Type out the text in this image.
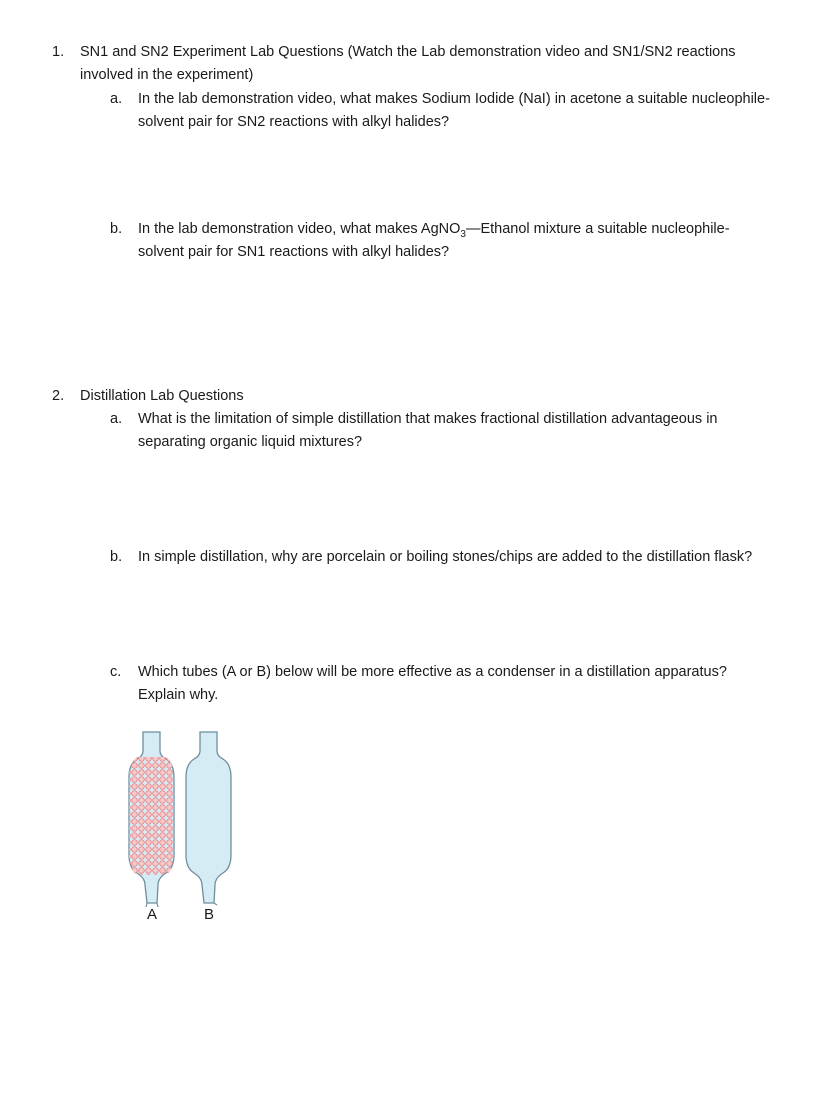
1. SN1 and SN2 Experiment Lab Questions (Watch the Lab demonstration video and SN1/SN2 reactions involved in the experiment)
a. In the lab demonstration video, what makes Sodium Iodide (NaI) in acetone a suitable nucleophile-solvent pair for SN2 reactions with alkyl halides?
b. In the lab demonstration video, what makes AgNO$_3$—Ethanol mixture a suitable nucleophile-solvent pair for SN1 reactions with alkyl halides?
2. Distillation Lab Questions
a. What is the limitation of simple distillation that makes fractional distillation advantageous in separating organic liquid mixtures?
b. In simple distillation, why are porcelain or boiling stones/chips are added to the distillation flask?
c. Which tubes (A or B) below will be more effective as a condenser in a distillation apparatus? Explain why.
A	B
